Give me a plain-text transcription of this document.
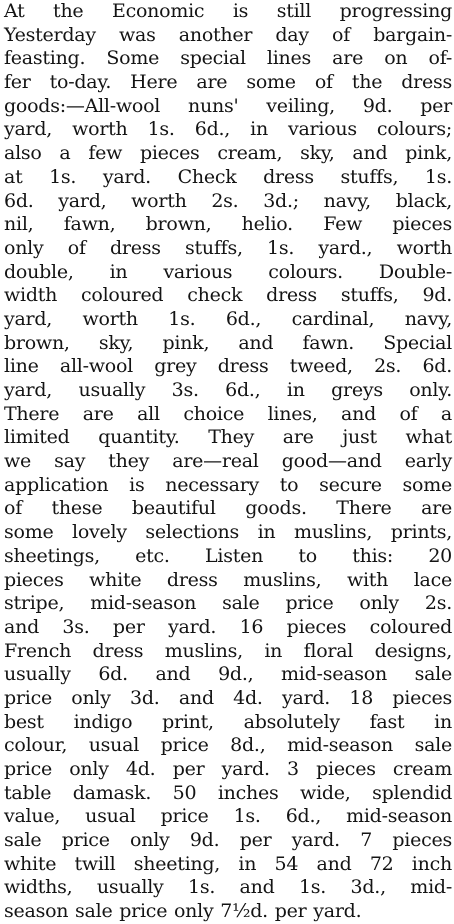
At the Economic is still progressing
Yesterday was another day of bargain-
feasting. Some special lines are on of-
fer to-day. Here are some of the dress
goods:—All-wool nuns' veiling, 9d. per
yard, worth 1s. 6d., in various colours;
also a few pieces cream, sky, and pink,
at 1s. yard. Check dress stuffs, 1s.
6d. yard, worth 2s. 3d.; navy, black,
nil, fawn, brown, helio. Few pieces
only of dress stuffs, 1s. yard., worth
double, in various colours. Double-
width coloured check dress stuffs, 9d.
yard, worth 1s. 6d., cardinal, navy,
brown, sky, pink, and fawn. Special
line all-wool grey dress tweed, 2s. 6d.
yard, usually 3s. 6d., in greys only.
There are all choice lines, and of a
limited quantity. They are just what
we say they are—real good—and early
application is necessary to secure some
of these beautiful goods. There are
some lovely selections in muslins, prints,
sheetings, etc. Listen to this: 20
pieces white dress muslins, with lace
stripe, mid-season sale price only 2s.
and 3s. per yard. 16 pieces coloured
French dress muslins, in floral designs,
usually 6d. and 9d., mid-season sale
price only 3d. and 4d. yard. 18 pieces
best indigo print, absolutely fast in
colour, usual price 8d., mid-season sale
price only 4d. per yard. 3 pieces cream
table damask. 50 inches wide, splendid
value, usual price 1s. 6d., mid-season
sale price only 9d. per yard. 7 pieces
white twill sheeting, in 54 and 72 inch
widths, usually 1s. and 1s. 3d., mid-
season sale price only 7½d. per yard.
